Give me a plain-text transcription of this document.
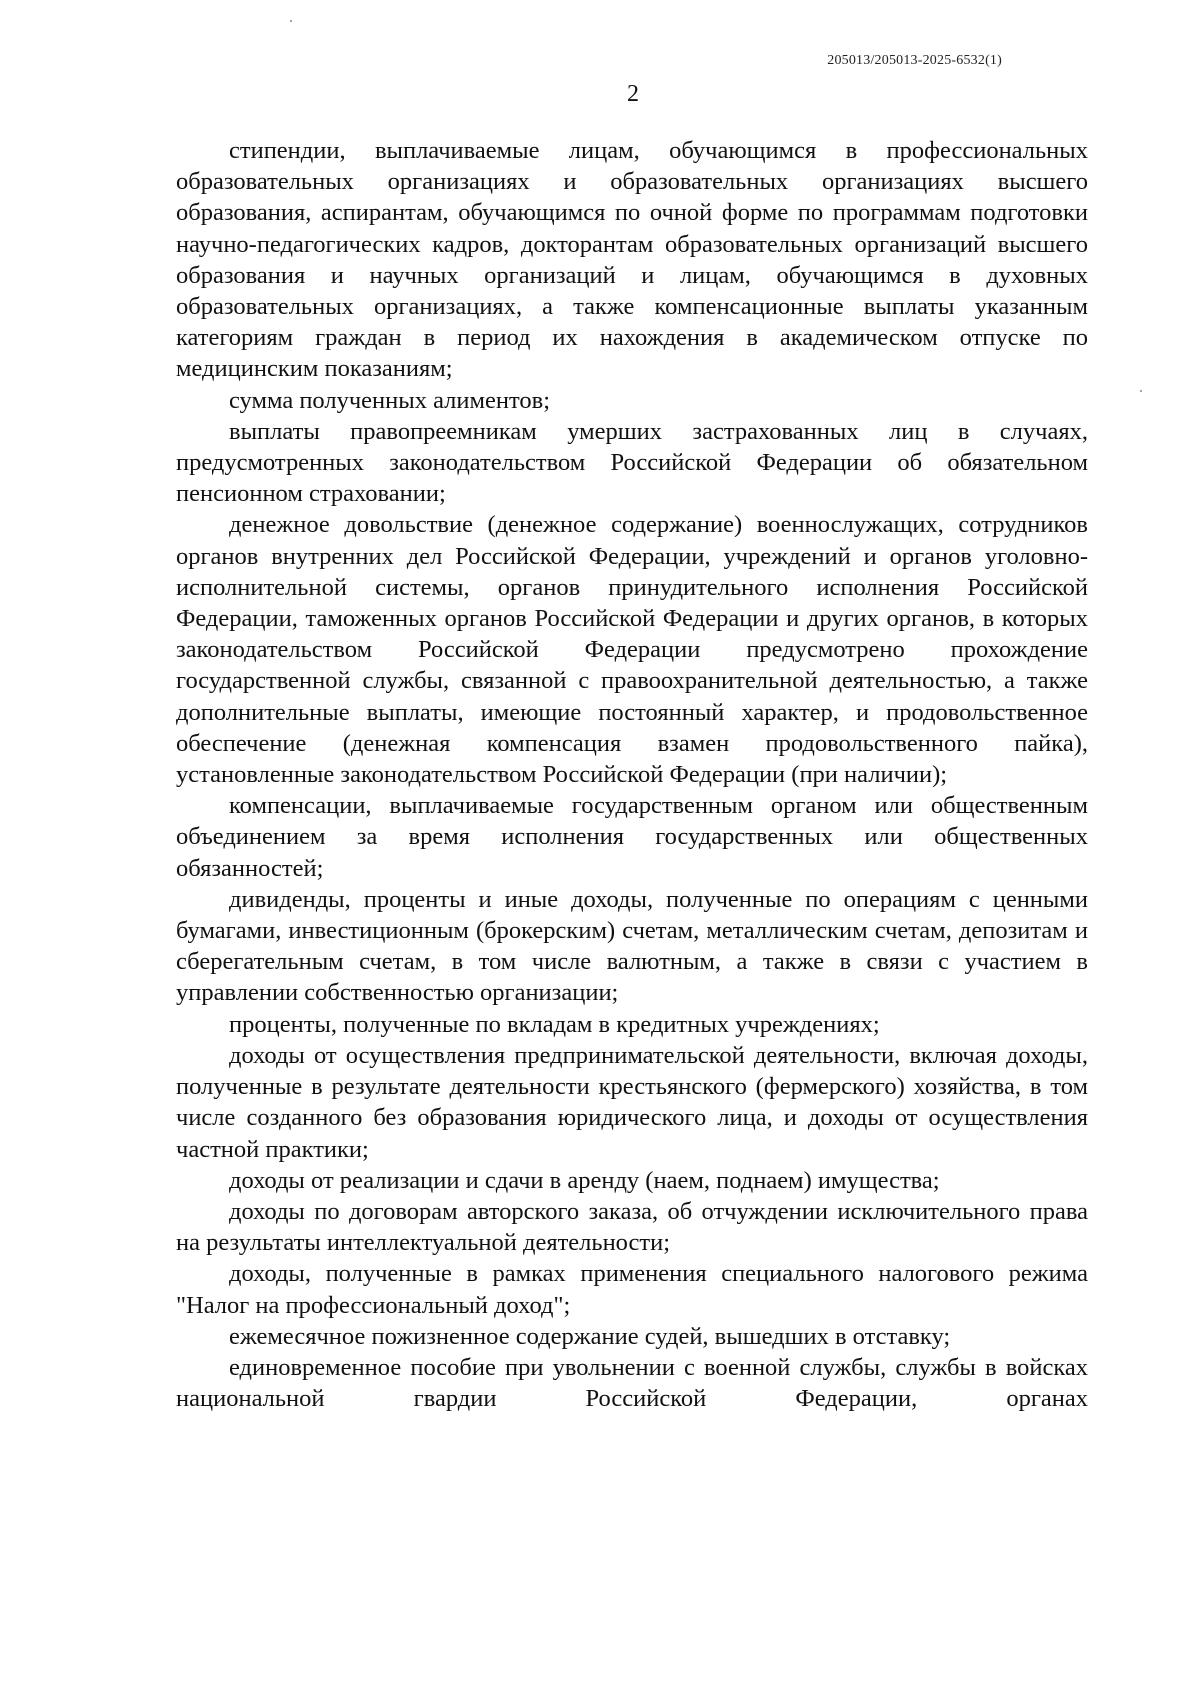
205013/205013-2025-6532(1)
2

стипендии, выплачиваемые лицам, обучающимся в профессиональных образовательных организациях и образовательных организациях высшего образования, аспирантам, обучающимся по очной форме по программам подготовки научно-педагогических кадров, докторантам образовательных организаций высшего образования и научных организаций и лицам, обучающимся в духовных образовательных организациях, а также компенсационные выплаты указанным категориям граждан в период их нахождения в академическом отпуске по медицинским показаниям;

сумма полученных алиментов;

выплаты правопреемникам умерших застрахованных лиц в случаях, предусмотренных законодательством Российской Федерации об обязательном пенсионном страховании;

денежное довольствие (денежное содержание) военнослужащих, сотрудников органов внутренних дел Российской Федерации, учреждений и органов уголовно-исполнительной системы, органов принудительного исполнения Российской Федерации, таможенных органов Российской Федерации и других органов, в которых законодательством Российской Федерации предусмотрено прохождение государственной службы, связанной с правоохранительной деятельностью, а также дополнительные выплаты, имеющие постоянный характер, и продовольственное обеспечение (денежная компенсация взамен продовольственного пайка), установленные законодательством Российской Федерации (при наличии);

компенсации, выплачиваемые государственным органом или общественным объединением за время исполнения государственных или общественных обязанностей;

дивиденды, проценты и иные доходы, полученные по операциям с ценными бумагами, инвестиционным (брокерским) счетам, металлическим счетам, депозитам и сберегательным счетам, в том числе валютным, а также в связи с участием в управлении собственностью организации;

проценты, полученные по вкладам в кредитных учреждениях;

доходы от осуществления предпринимательской деятельности, включая доходы, полученные в результате деятельности крестьянского (фермерского) хозяйства, в том числе созданного без образования юридического лица, и доходы от осуществления частной практики;

доходы от реализации и сдачи в аренду (наем, поднаем) имущества;

доходы по договорам авторского заказа, об отчуждении исключительного права на результаты интеллектуальной деятельности;

доходы, полученные в рамках применения специального налогового режима "Налог на профессиональный доход";

ежемесячное пожизненное содержание судей, вышедших в отставку;

единовременное пособие при увольнении с военной службы, службы в войсках национальной гвардии Российской Федерации, органах
